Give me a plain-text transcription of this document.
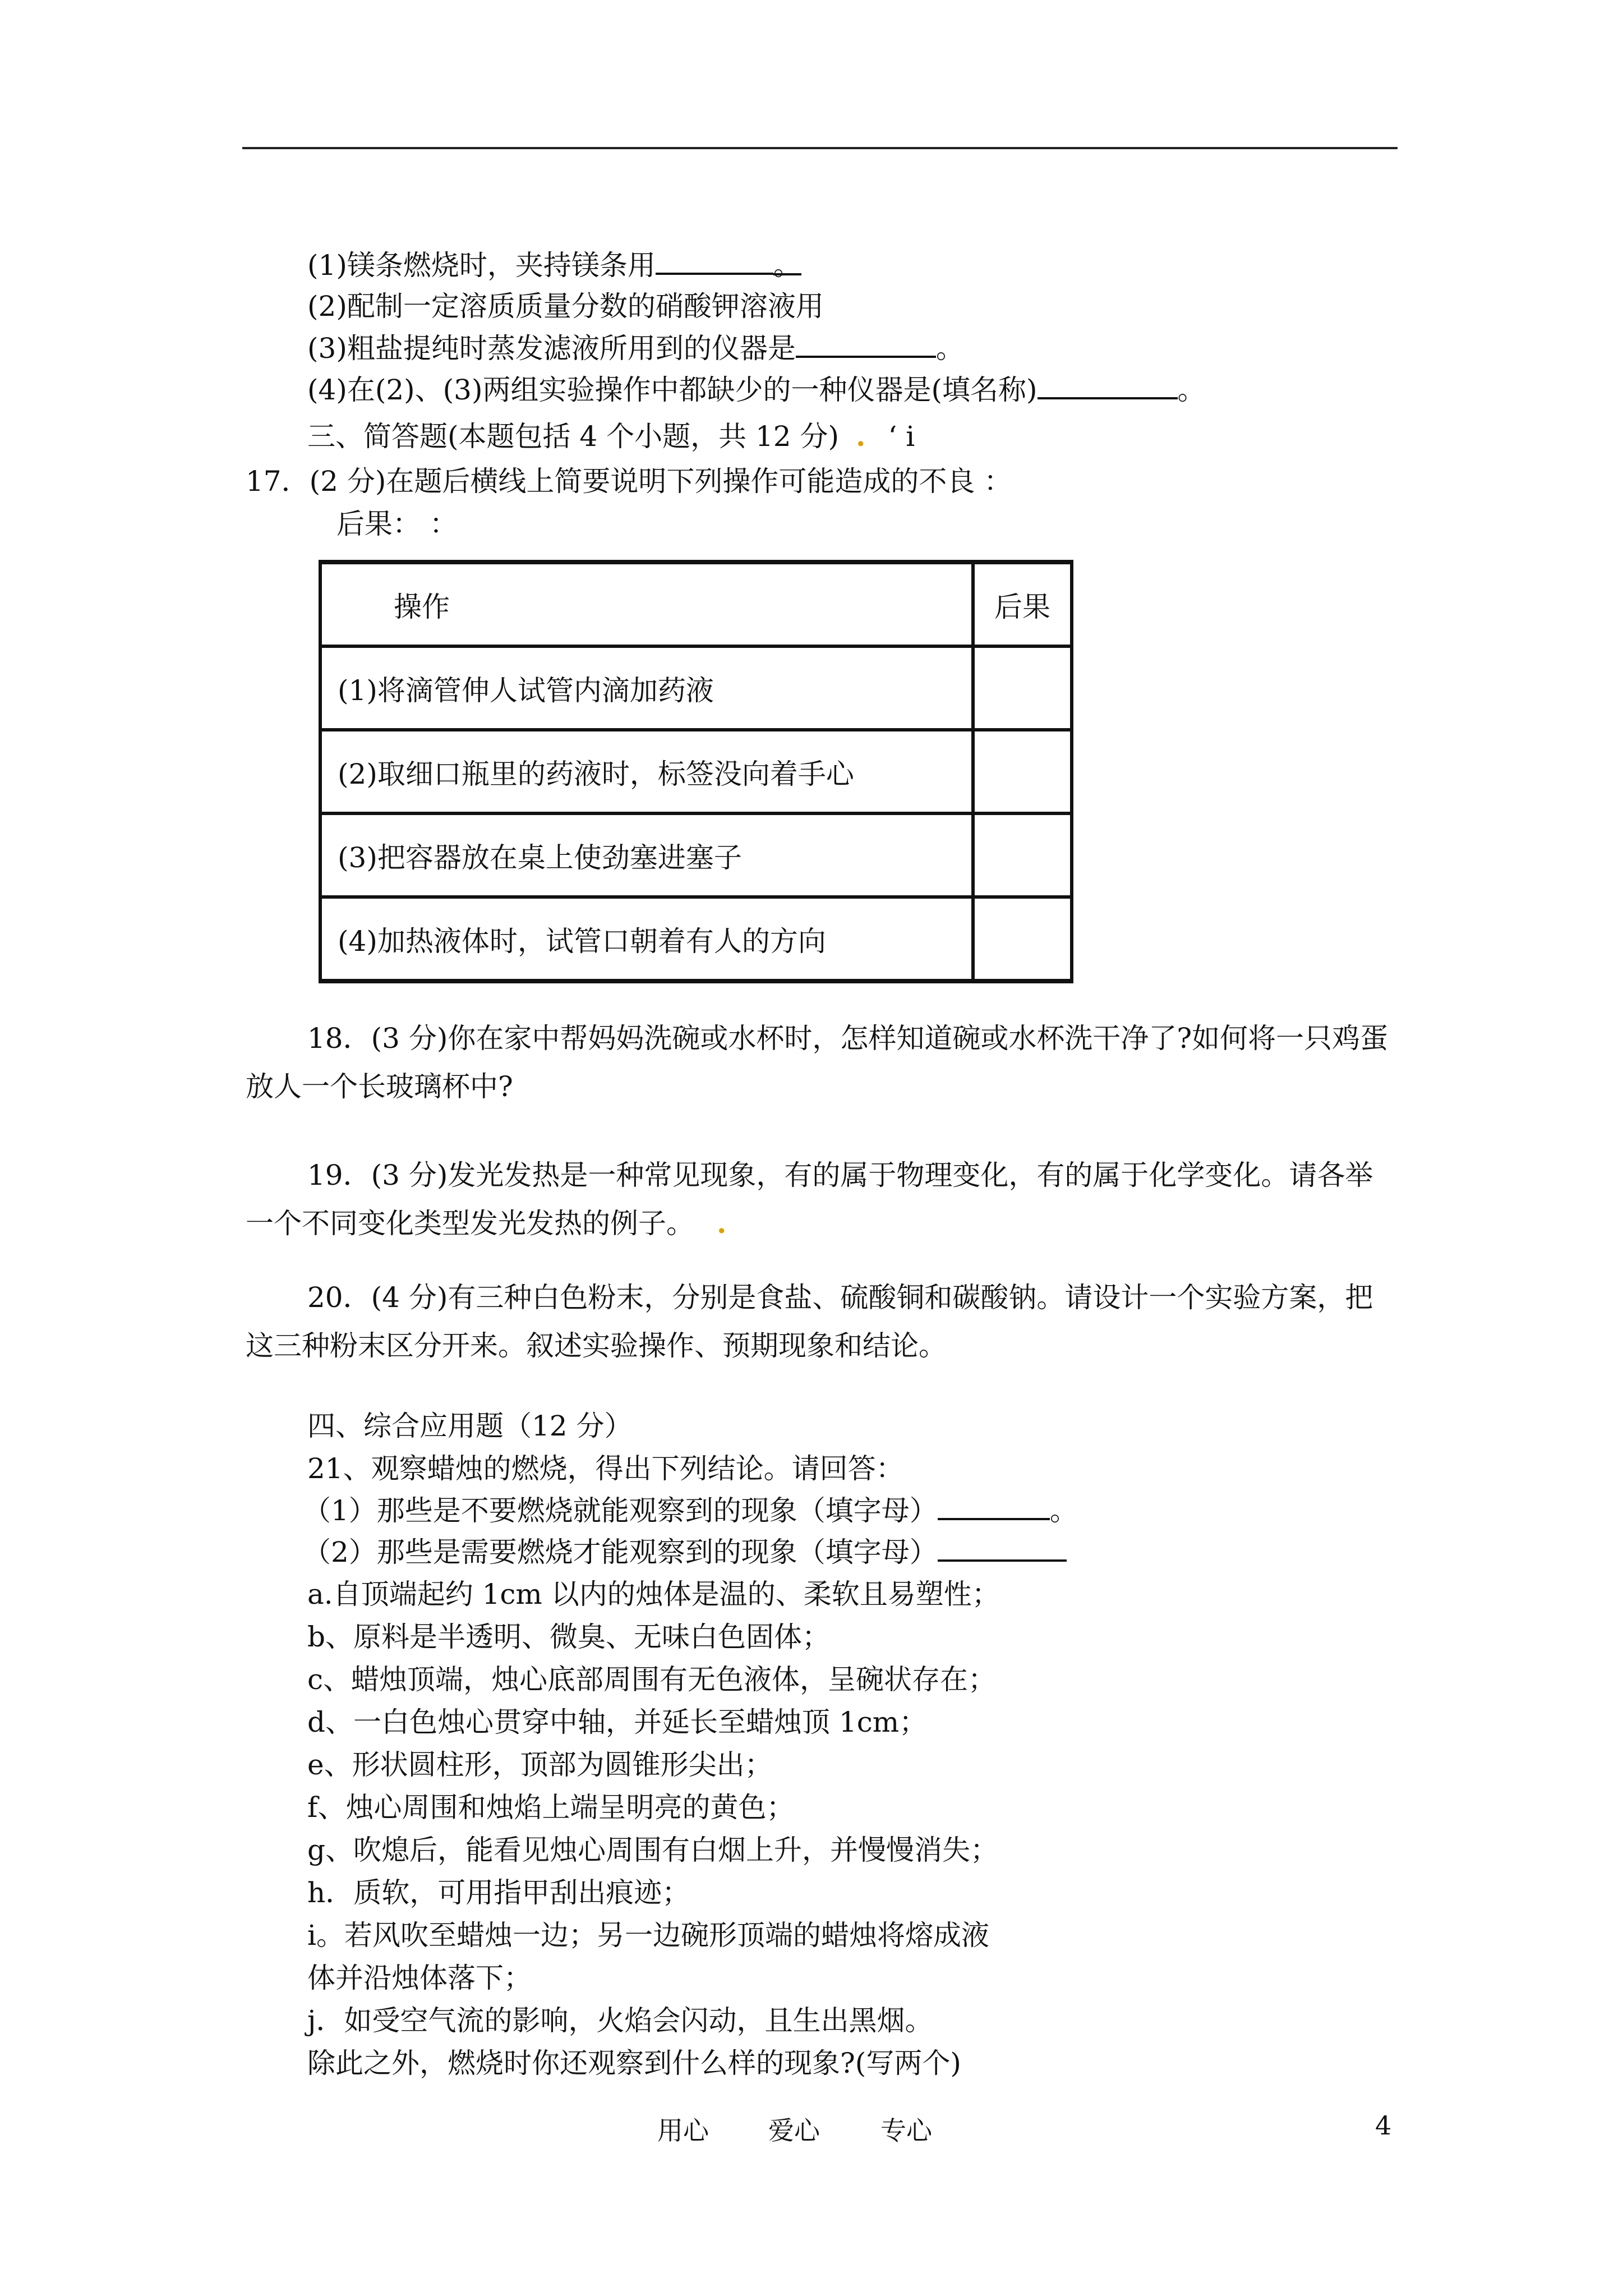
(1)镁条燃烧时，夹持镁条用	。
(2)配制一定溶质质量分数的硝酸钾溶液用
(3)粗盐提纯时蒸发滤液所用到的仪器是	。
(4)在(2)、(3)两组实验操作中都缺少的一种仪器是(填名称)	。
三、简答题(本题包括 4 个小题，共 12 分) . ‘ i
17．(2 分)在题后横线上简要说明下列操作可能造成的不良 ：
后果： ：
操作	后果
(1)将滴管伸人试管内滴加药液	
(2)取细口瓶里的药液时，标签没向着手心	
(3)把容器放在桌上使劲塞进塞子	
(4)加热液体时，试管口朝着有人的方向	
18．(3 分)你在家中帮妈妈洗碗或水杯时，怎样知道碗或水杯洗干净了?如何将一只鸡蛋放人一个长玻璃杯中?
19．(3 分)发光发热是一种常见现象，有的属于物理变化，有的属于化学变化。请各举一个不同变化类型发光发热的例子。 .
20．(4 分)有三种白色粉末，分别是食盐、硫酸铜和碳酸钠。请设计一个实验方案，把这三种粉末区分开来。叙述实验操作、预期现象和结论。
四、综合应用题（12 分）
21、观察蜡烛的燃烧，得出下列结论。请回答：
（1）那些是不要燃烧就能观察到的现象（填字母）	。
（2）那些是需要燃烧才能观察到的现象（填字母）
a.自顶端起约 1cm 以内的烛体是温的、柔软且易塑性；
b、原料是半透明、微臭、无味白色固体；
c、蜡烛顶端，烛心底部周围有无色液体，呈碗状存在；
d、一白色烛心贯穿中轴，并延长至蜡烛顶 1cm；
e、形状圆柱形，顶部为圆锥形尖出；
f、烛心周围和烛焰上端呈明亮的黄色；
g、吹熄后，能看见烛心周围有白烟上升，并慢慢消失；
h．质软，可用指甲刮出痕迹；
i。若风吹至蜡烛一边；另一边碗形顶端的蜡烛将熔成液
体并沿烛体落下；
j．如受空气流的影响，火焰会闪动，且生出黑烟。
除此之外，燃烧时你还观察到什么样的现象?(写两个)
用心 爱心 专心	4
